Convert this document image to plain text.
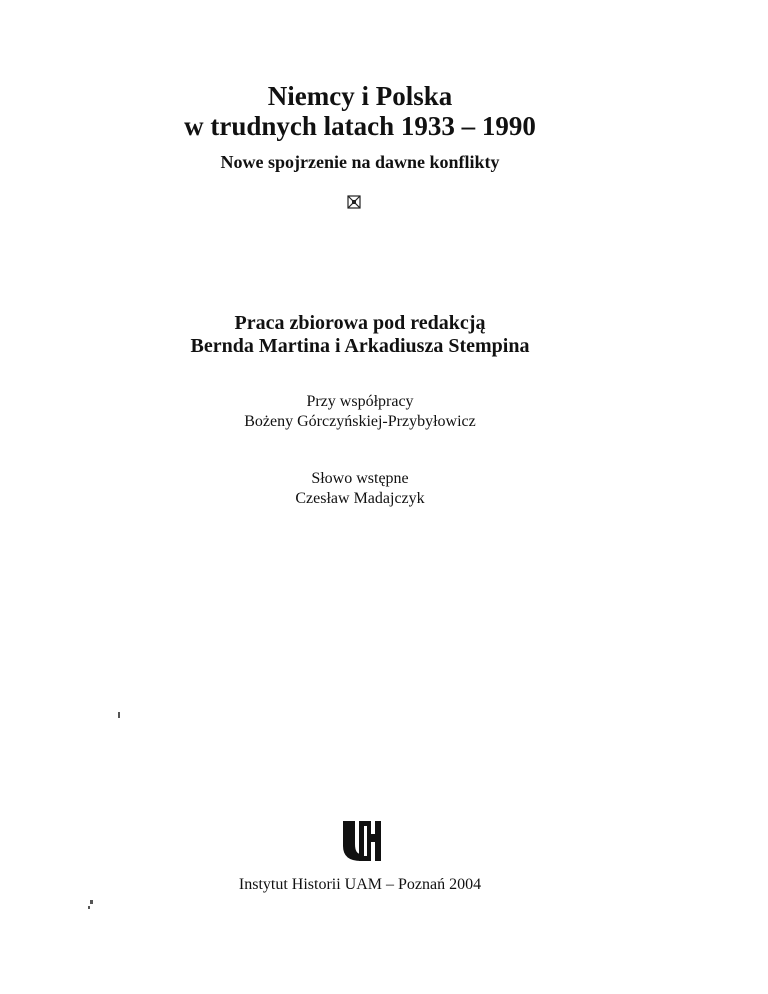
Niemcy i Polska
w trudnych latach 1933 – 1990
Nowe spojrzenie na dawne konflikty
Praca zbiorowa pod redakcją
Bernda Martina i Arkadiusza Stempina
Przy współpracy
Bożeny Górczyńskiej-Przybyłowicz
Słowo wstępne
Czesław Madajczyk
Instytut Historii UAM – Poznań 2004
